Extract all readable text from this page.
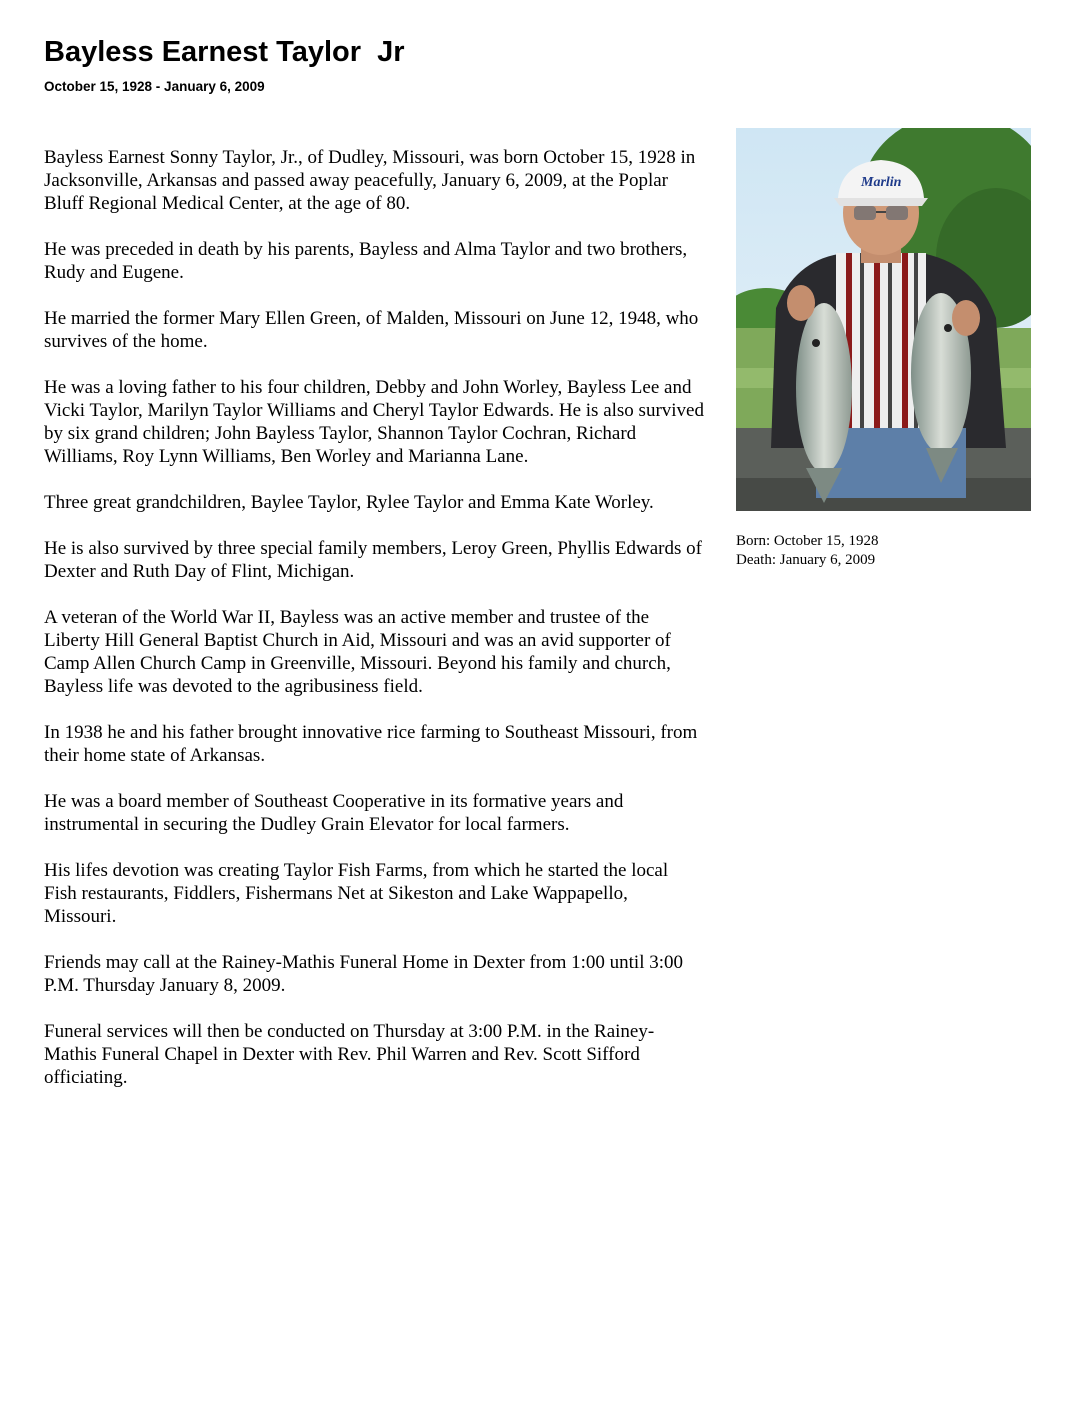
Bayless Earnest Taylor  Jr
October 15, 1928 - January 6, 2009

Bayless Earnest Sonny Taylor, Jr., of Dudley, Missouri, was born October 15, 1928 in Jacksonville, Arkansas and passed away peacefully, January 6, 2009, at the Poplar Bluff Regional Medical Center, at the age of 80.

He was preceded in death by his parents, Bayless and Alma Taylor and two brothers, Rudy and Eugene.

He married the former Mary Ellen Green, of Malden, Missouri on June 12, 1948, who survives of the home.

He was a loving father to his four children, Debby and John Worley, Bayless Lee and Vicki Taylor, Marilyn Taylor Williams and Cheryl Taylor Edwards. He is also survived by six grand children; John Bayless Taylor, Shannon Taylor Cochran, Richard Williams, Roy Lynn Williams, Ben Worley and Marianna Lane.

Three great grandchildren, Baylee Taylor, Rylee Taylor and Emma Kate Worley.

He is also survived by three special family members, Leroy Green, Phyllis Edwards of Dexter and Ruth Day of Flint, Michigan.

A veteran of the World War II, Bayless was an active member and trustee of the Liberty Hill General Baptist Church in Aid, Missouri and was an avid supporter of Camp Allen Church Camp in Greenville, Missouri. Beyond his family and church, Bayless life was devoted to the agribusiness field.

In 1938 he and his father brought innovative rice farming to Southeast Missouri, from their home state of Arkansas.

He was a board member of Southeast Cooperative in its formative years and instrumental in securing the Dudley Grain Elevator for local farmers.

His lifes devotion was creating Taylor Fish Farms, from which he started the local Fish restaurants, Fiddlers, Fishermans Net at Sikeston and Lake Wappapello, Missouri.

Friends may call at the Rainey-Mathis Funeral Home in Dexter from 1:00 until 3:00 P.M. Thursday January 8, 2009.

Funeral services will then be conducted on Thursday at 3:00 P.M. in the Rainey-Mathis Funeral Chapel in Dexter with Rev. Phil Warren and Rev. Scott Sifford officiating.

Marlin
Born: October 15, 1928
Death: January 6, 2009
